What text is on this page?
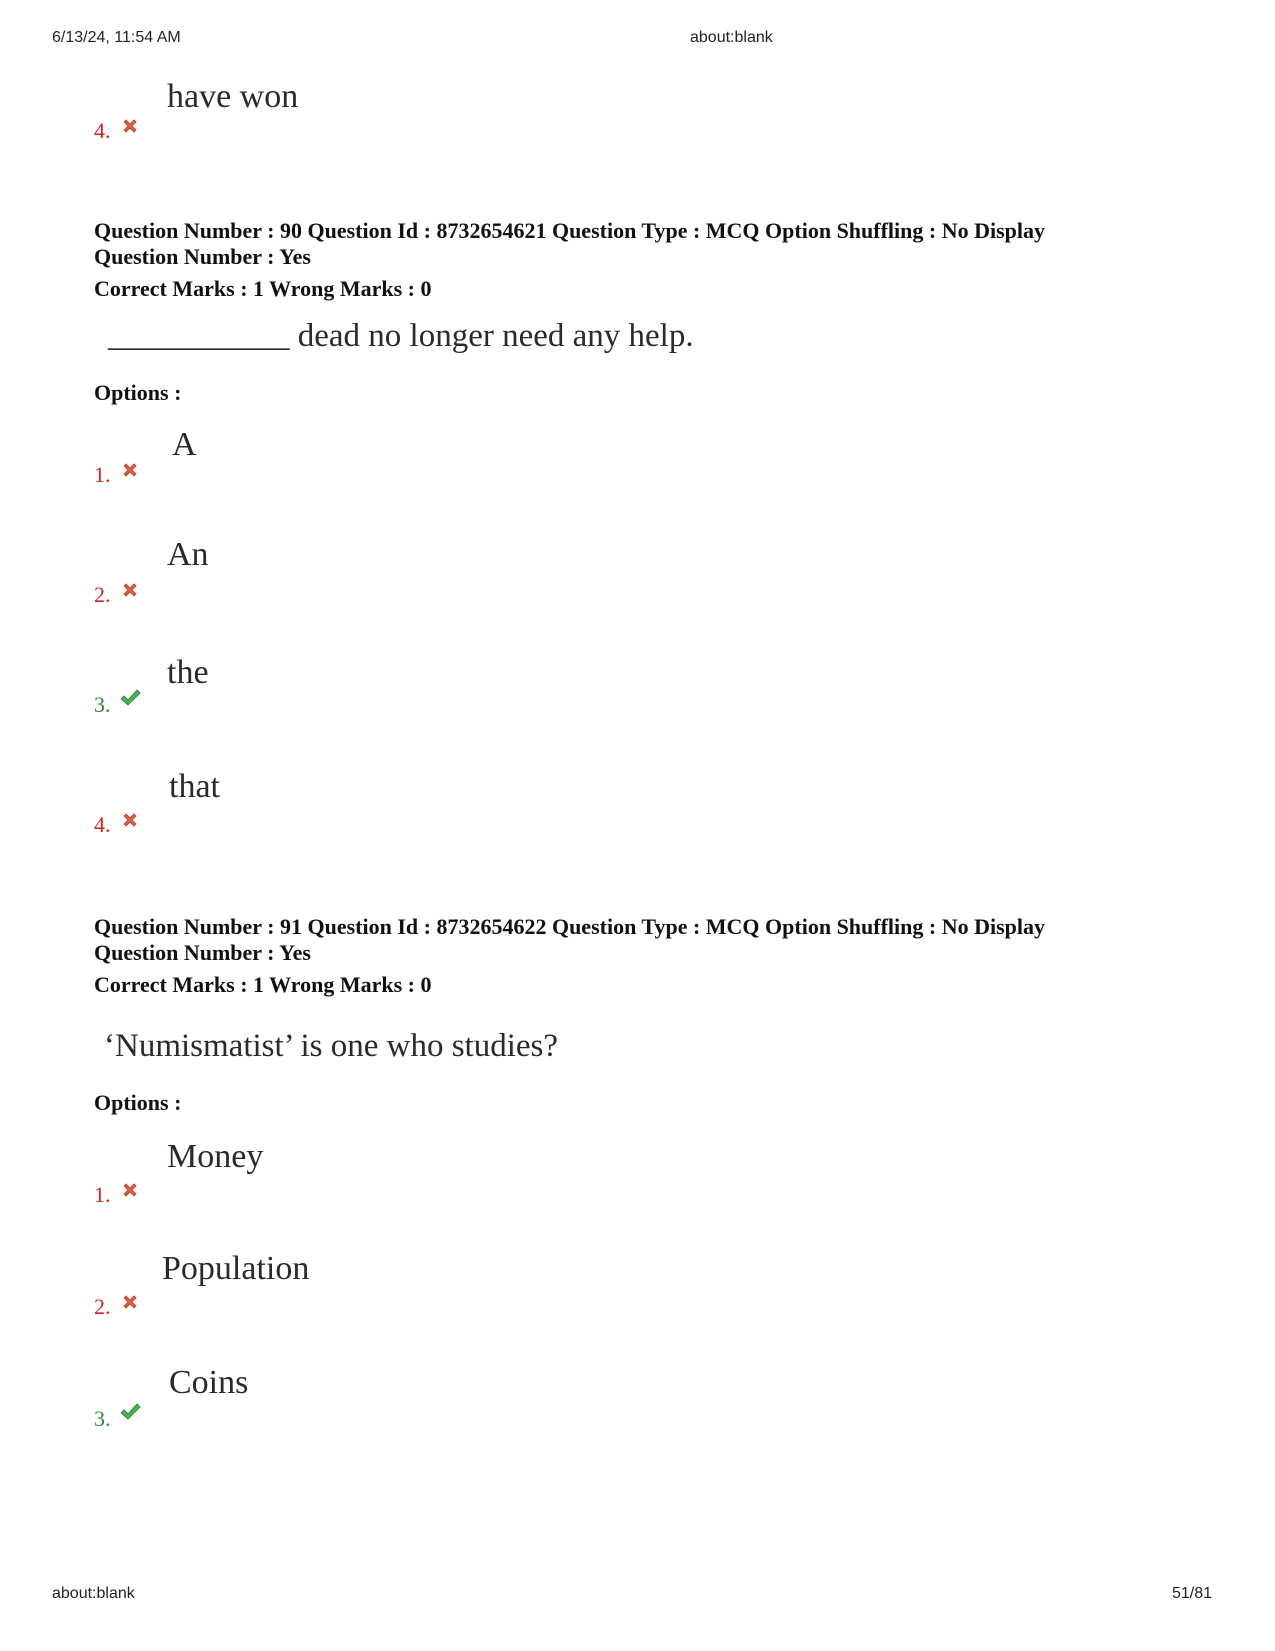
6/13/24, 11:54 AM	about:blank
have won
4.
Question Number : 90 Question Id : 8732654621 Question Type : MCQ Option Shuffling : No Display
Question Number : Yes
Correct Marks : 1 Wrong Marks : 0
___________ dead no longer need any help.
Options :
A
1.
An
2.
the
3.
that
4.
Question Number : 91 Question Id : 8732654622 Question Type : MCQ Option Shuffling : No Display
Question Number : Yes
Correct Marks : 1 Wrong Marks : 0
‘Numismatist’ is one who studies?
Options :
Money
1.
Population
2.
Coins
3.
about:blank	51/81
